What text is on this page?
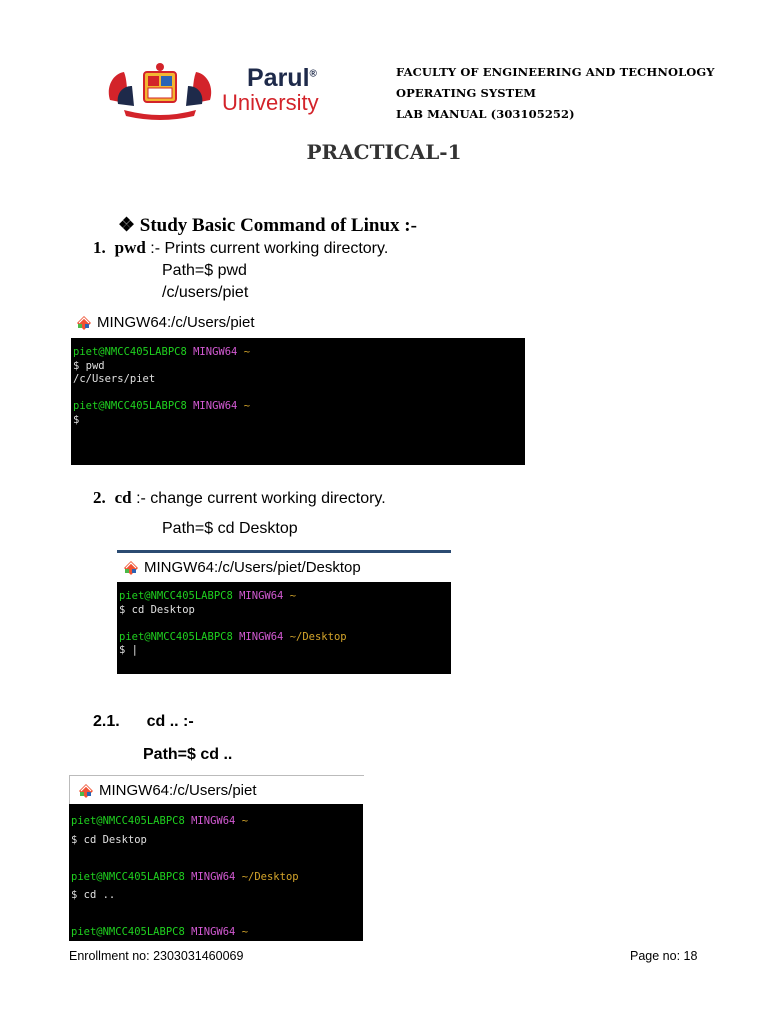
Parul®
University
FACULTY OF ENGINEERING AND TECHNOLOGY
OPERATING SYSTEM
LAB MANUAL (303105252)
PRACTICAL-1
❖ Study Basic Command of Linux :-
1. pwd :- Prints current working directory.
Path=$ pwd
/c/users/piet
MINGW64:/c/Users/piet
piet@NMCC405LABPC8 MINGW64 ~
$ pwd
/c/Users/piet
piet@NMCC405LABPC8 MINGW64 ~
$
2. cd :- change current working directory.
Path=$ cd Desktop
MINGW64:/c/Users/piet/Desktop
piet@NMCC405LABPC8 MINGW64 ~
$ cd Desktop
piet@NMCC405LABPC8 MINGW64 ~/Desktop
$ |
2.1. cd .. :-
Path=$ cd ..
MINGW64:/c/Users/piet
piet@NMCC405LABPC8 MINGW64 ~
$ cd Desktop
piet@NMCC405LABPC8 MINGW64 ~/Desktop
$ cd ..
piet@NMCC405LABPC8 MINGW64 ~
Enrollment no: 2303031460069	Page no: 18
